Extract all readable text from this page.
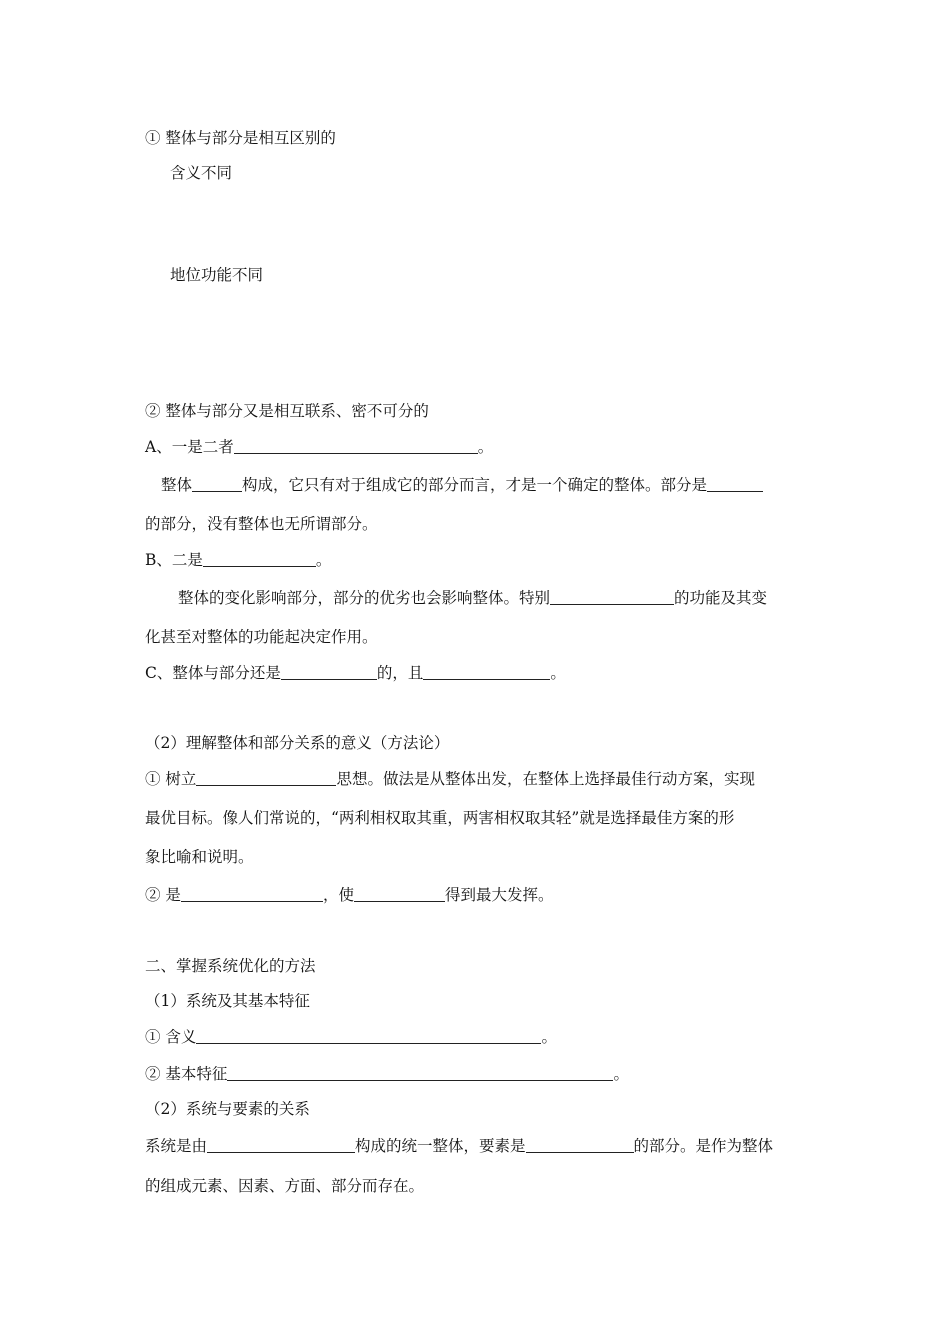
① 整体与部分是相互区别的
含义不同
地位功能不同
② 整体与部分又是相互联系、密不可分的
A、一是二者	。
整体	构成，它只有对于组成它的部分而言，才是一个确定的整体。部分是
的部分，没有整体也无所谓部分。
B、二是	。
整体的变化影响部分，部分的优劣也会影响整体。特别	的功能及其变
化甚至对整体的功能起决定作用。
C、整体与部分还是	的，且	。
（2）理解整体和部分关系的意义（方法论）
① 树立	思想。做法是从整体出发，在整体上选择最佳行动方案，实现
最优目标。像人们常说的，“两利相权取其重，两害相权取其轻”就是选择最佳方案的形
象比喻和说明。
② 是	，使	得到最大发挥。
二、掌握系统优化的方法
（1）系统及其基本特征
① 含义	。
② 基本特征	。
（2）系统与要素的关系
系统是由	构成的统一整体，要素是	的部分。是作为整体
的组成元素、因素、方面、部分而存在。
